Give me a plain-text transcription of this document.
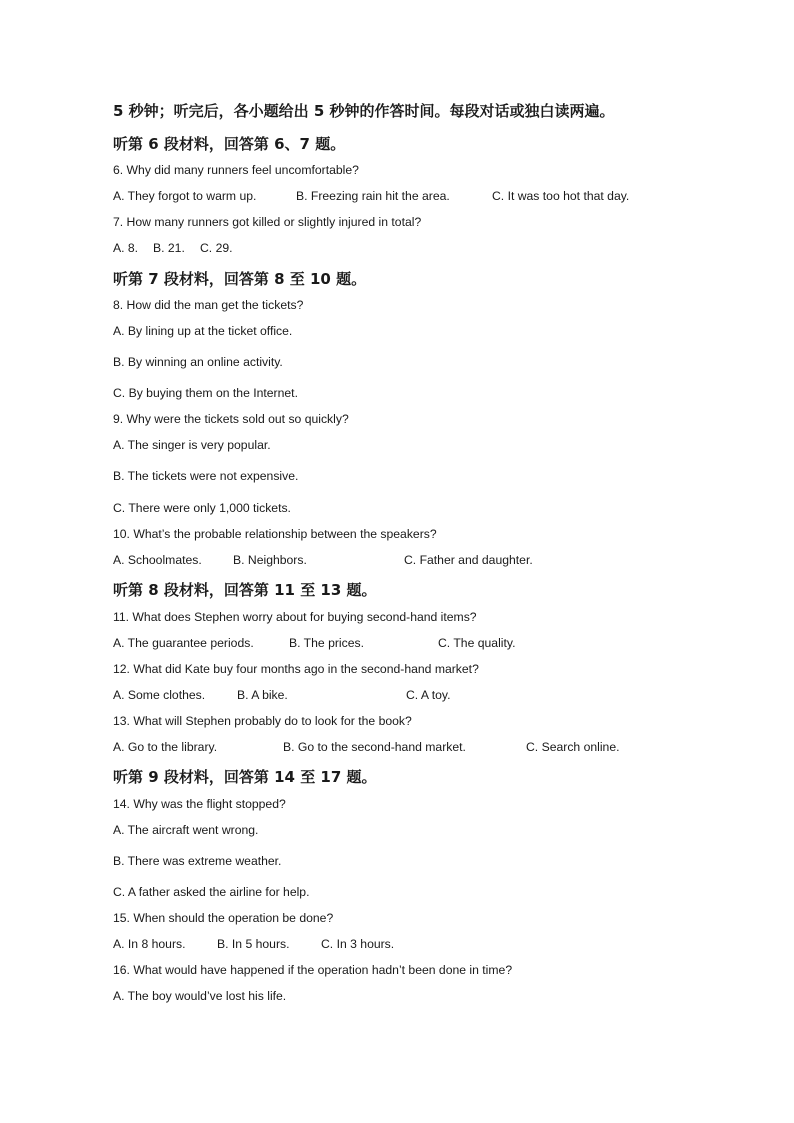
5 秒钟；听完后，各小题给出 5 秒钟的作答时间。每段对话或独白读两遍。
听第 6 段材料，回答第 6、7 题。
6. Why did many runners feel uncomfortable?
A. They forgot to warm up.	B. Freezing rain hit the area.	C. It was too hot that day.
7. How many runners got killed or slightly injured in total?
A. 8. B. 21. C. 29.
听第 7 段材料，回答第 8 至 10 题。
8. How did the man get the tickets?
A. By lining up at the ticket office.
B. By winning an online activity.
C. By buying them on the Internet.
9. Why were the tickets sold out so quickly?
A. The singer is very popular.
B. The tickets were not expensive.
C. There were only 1,000 tickets.
10. What’s the probable relationship between the speakers?
A. Schoolmates.	B. Neighbors.	C. Father and daughter.
听第 8 段材料，回答第 11 至 13 题。
11. What does Stephen worry about for buying second-hand items?
A. The guarantee periods.	B. The prices.	C. The quality.
12. What did Kate buy four months ago in the second-hand market?
A. Some clothes.	B. A bike.	C. A toy.
13. What will Stephen probably do to look for the book?
A. Go to the library.	B. Go to the second-hand market.	C. Search online.
听第 9 段材料，回答第 14 至 17 题。
14. Why was the flight stopped?
A. The aircraft went wrong.
B. There was extreme weather.
C. A father asked the airline for help.
15. When should the operation be done?
A. In 8 hours.	B. In 5 hours.	C. In 3 hours.
16. What would have happened if the operation hadn’t been done in time?
A. The boy would’ve lost his life.
